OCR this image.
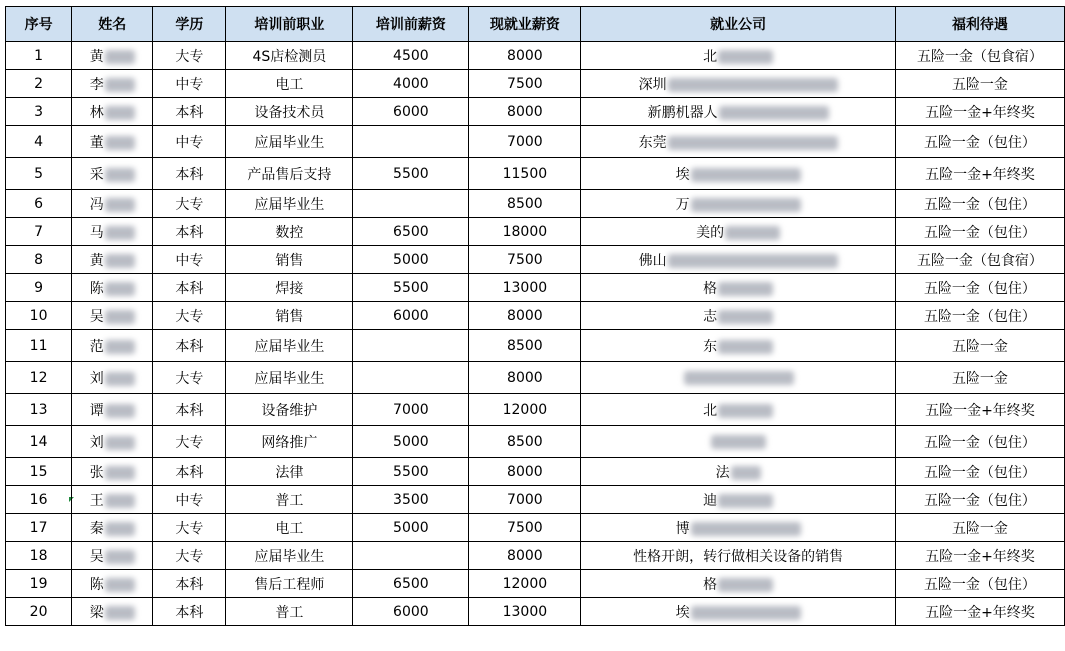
序号	姓名	学历	培训前职业	培训前薪资	现就业薪资	就业公司	福利待遇
1	黄	大专	4S店检测员	4500	8000	北	五险一金（包食宿）
2	李	中专	电工	4000	7500	深圳	五险一金
3	林	本科	设备技术员	6000	8000	新鹏机器人	五险一金+年终奖
4	董	中专	应届毕业生		7000	东莞	五险一金（包住）
5	采	本科	产品售后支持	5500	11500	埃	五险一金+年终奖
6	冯	大专	应届毕业生		8500	万	五险一金（包住）
7	马	本科	数控	6500	18000	美的	五险一金（包住）
8	黄	中专	销售	5000	7500	佛山	五险一金（包食宿）
9	陈	本科	焊接	5500	13000	格	五险一金（包住）
10	吴	大专	销售	6000	8000	志	五险一金（包住）
11	范	本科	应届毕业生		8500	东	五险一金
12	刘	大专	应届毕业生		8000		五险一金
13	谭	本科	设备维护	7000	12000	北	五险一金+年终奖
14	刘	大专	网络推广	5000	8500		五险一金（包住）
15	张	本科	法律	5500	8000	法	五险一金（包住）
16	王	中专	普工	3500	7000	迪	五险一金（包住）
17	秦	大专	电工	5000	7500	博	五险一金
18	吴	大专	应届毕业生		8000	性格开朗，转行做相关设备的销售	五险一金+年终奖
19	陈	本科	售后工程师	6500	12000	格	五险一金（包住）
20	梁	本科	普工	6000	13000	埃	五险一金+年终奖
